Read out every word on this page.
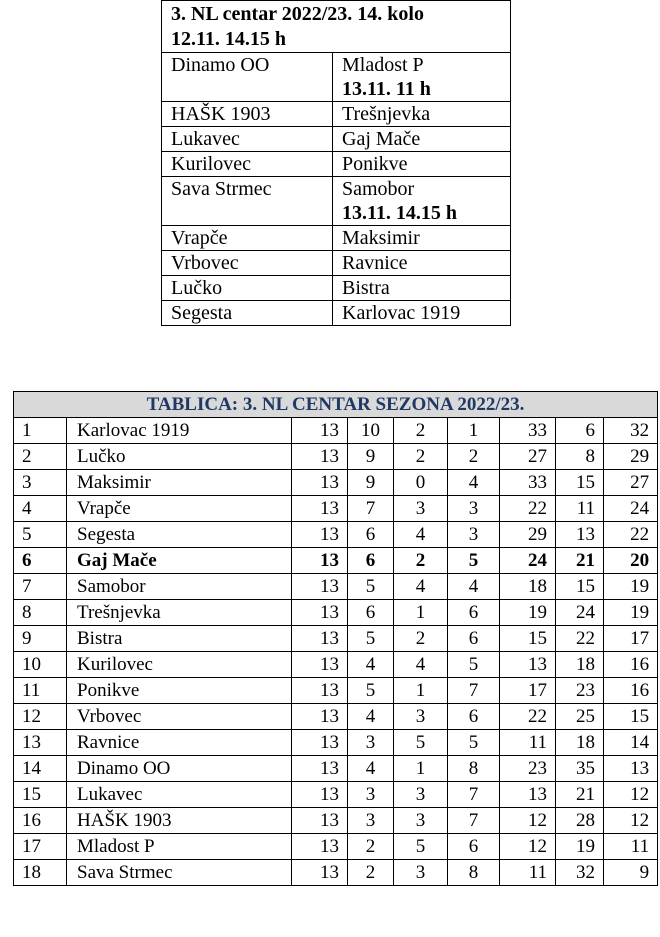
3. NL centar 2022/23. 14. kolo
12.11. 14.15 h	

Dinamo OO	Mladost P
13.11. 11 h

HAŠK 1903	Trešnjevka

Lukavec	Gaj Mače

Kurilovec	Ponikve

Sava Strmec	Samobor
13.11. 14.15 h

Vrapče	Maksimir

Vrbovec	Ravnice

Lučko	Bistra

Segesta	Karlovac 1919
TABLICA: 3. NL CENTAR SEZONA 2022/23.								
1	Karlovac 1919	13	10	2	1	33	6	32
2	Lučko	13	9	2	2	27	8	29
3	Maksimir	13	9	0	4	33	15	27
4	Vrapče	13	7	3	3	22	11	24
5	Segesta	13	6	4	3	29	13	22
6	Gaj Mače	13	6	2	5	24	21	20
7	Samobor	13	5	4	4	18	15	19
8	Trešnjevka	13	6	1	6	19	24	19
9	Bistra	13	5	2	6	15	22	17
10	Kurilovec	13	4	4	5	13	18	16
11	Ponikve	13	5	1	7	17	23	16
12	Vrbovec	13	4	3	6	22	25	15
13	Ravnice	13	3	5	5	11	18	14
14	Dinamo OO	13	4	1	8	23	35	13
15	Lukavec	13	3	3	7	13	21	12
16	HAŠK 1903	13	3	3	7	12	28	12
17	Mladost P	13	2	5	6	12	19	11
18	Sava Strmec	13	2	3	8	11	32	9
